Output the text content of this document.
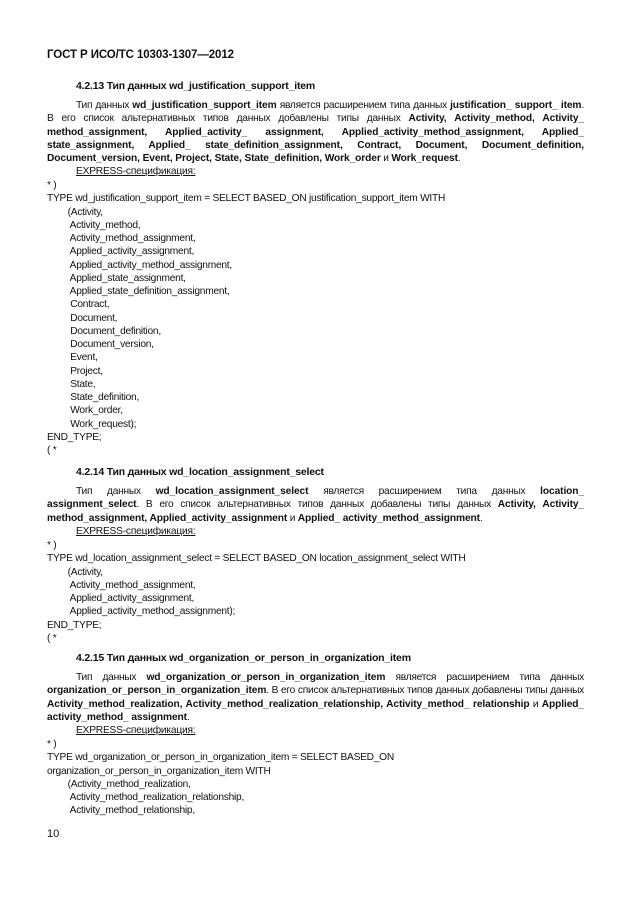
ГОСТ Р ИСО/ТС 10303-1307—2012
4.2.13 Тип данных wd_justification_support_item
Тип данных wd_justification_support_item является расширением типа данных justification_ support_ item. В его список альтернативных типов данных добавлены типы данных Activity, Activity_method, Activity_ method_assignment, Applied_activity_ assignment, Applied_activity_method_assignment, Applied_ state_assignment, Applied_ state_definition_assignment, Contract, Document, Document_definition, Document_version, Event, Project, State, State_definition, Work_order и Work_request.
EXPRESS-спецификация:
* )
TYPE wd_justification_support_item = SELECT BASED_ON justification_support_item WITH
(Activity,
Activity_method,
Activity_method_assignment,
Applied_activity_assignment,
Applied_activity_method_assignment,
Applied_state_assignment,
Applied_state_definition_assignment,
Contract,
Document,
Document_definition,
Document_version,
Event,
Project,
State,
State_definition,
Work_order,
Work_request);
END_TYPE;
( *
4.2.14 Тип данных wd_location_assignment_select
Тип данных wd_location_assignment_select является расширением типа данных location_ assignment_select. В его список альтернативных типов данных добавлены типы данных Activity, Activity_ method_assignment, Applied_activity_assignment и Applied_ activity_method_assignment.
EXPRESS-спецификация:
* )
TYPE wd_location_assignment_select = SELECT BASED_ON location_assignment_select WITH
(Activity,
Activity_method_assignment,
Applied_activity_assignment,
Applied_activity_method_assignment);
END_TYPE;
( *
4.2.15 Тип данных wd_organization_or_person_in_organization_item
Тип данных wd_organization_or_person_in_organization_item является расширением типа данных organization_or_person_in_organization_item. В его список альтернативных типов данных добавлены типы данных Activity_method_realization, Activity_method_realization_relationship, Activity_method_ relationship и Applied_ activity_method_ assignment.
EXPRESS-спецификация:
* )
TYPE wd_organization_or_person_in_organization_item = SELECT BASED_ON
organization_or_person_in_organization_item WITH
(Activity_method_realization,
Activity_method_realization_relationship,
Activity_method_relationship,
10
